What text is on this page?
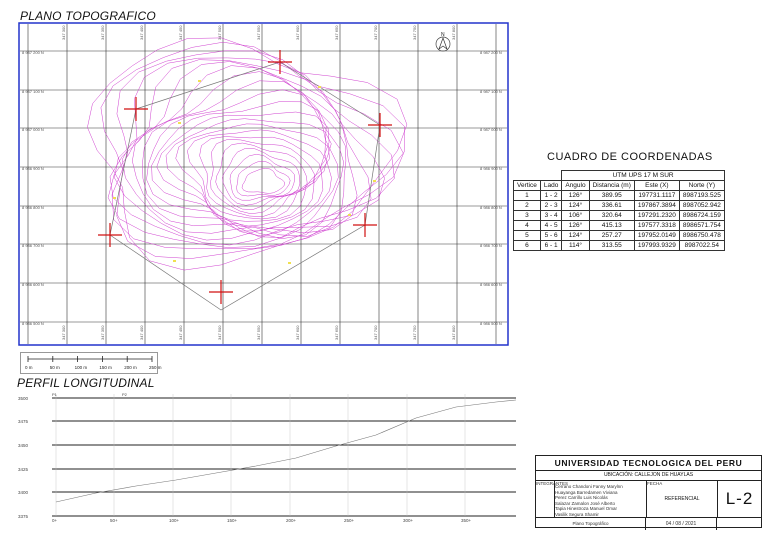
PLANO TOPOGRAFICO
347 300
347 300
347 350
347 350
347 400
347 400
347 450
347 450
347 500
347 500
347 550
347 550
347 600
347 600
347 650
347 650
347 700
347 700
347 750
347 750
347 800
347 800
8 987 200 N	8 987 200 N
8 987 100 N	8 987 100 N
8 987 000 N	8 987 000 N
8 986 900 N	8 986 900 N
8 986 800 N	8 986 800 N
8 986 700 N	8 986 700 N
8 986 600 N	8 986 600 N
8 986 500 N	8 986 500 N
N
0 m	50 m	100 m	150 m	200 m	250 m
CUADRO DE COORDENADAS
		UTM UPS 17 M SUR			
Vertice	Lado	Angulo	Distancia (m)	Este (X)	Norte (Y)
1	1 - 2	126°	389.95	197731.1117	8987193.525
2	2 - 3	124°	336.61	197867.3894	8987052.942
3	3 - 4	106°	320.64	197291.2320	8986724.159
4	4 - 5	126°	415.13	197577.3318	8986571.754
5	5 - 6	124°	257.27	197952.0149	8986750.478
6	6 - 1	114°	313.55	197993.9329	8987022.54
PERFIL LONGITUDINAL
3500
3475
3450
3425
3400
3375
0+	50+	100+	150+	200+	250+	300+	350+
P1	P2
UNIVERSIDAD TECNOLOGICA DEL PERU
UBICACIÓN: CALLEJON DE HUAYLAS
INTEGRANTES
Cerrano Chandoni Fanny Marylnn
Huayanga Barredamen Viviana
Perez Carrillo Luis Nicolás
Salazar Zamalon José Alberto
Tapia Hinestroza Manuel Omar
Vasilik Segura Shamir
FECHA
REFERENCIAL	L-2
Plano Topográfico	04 / 08 / 2021
